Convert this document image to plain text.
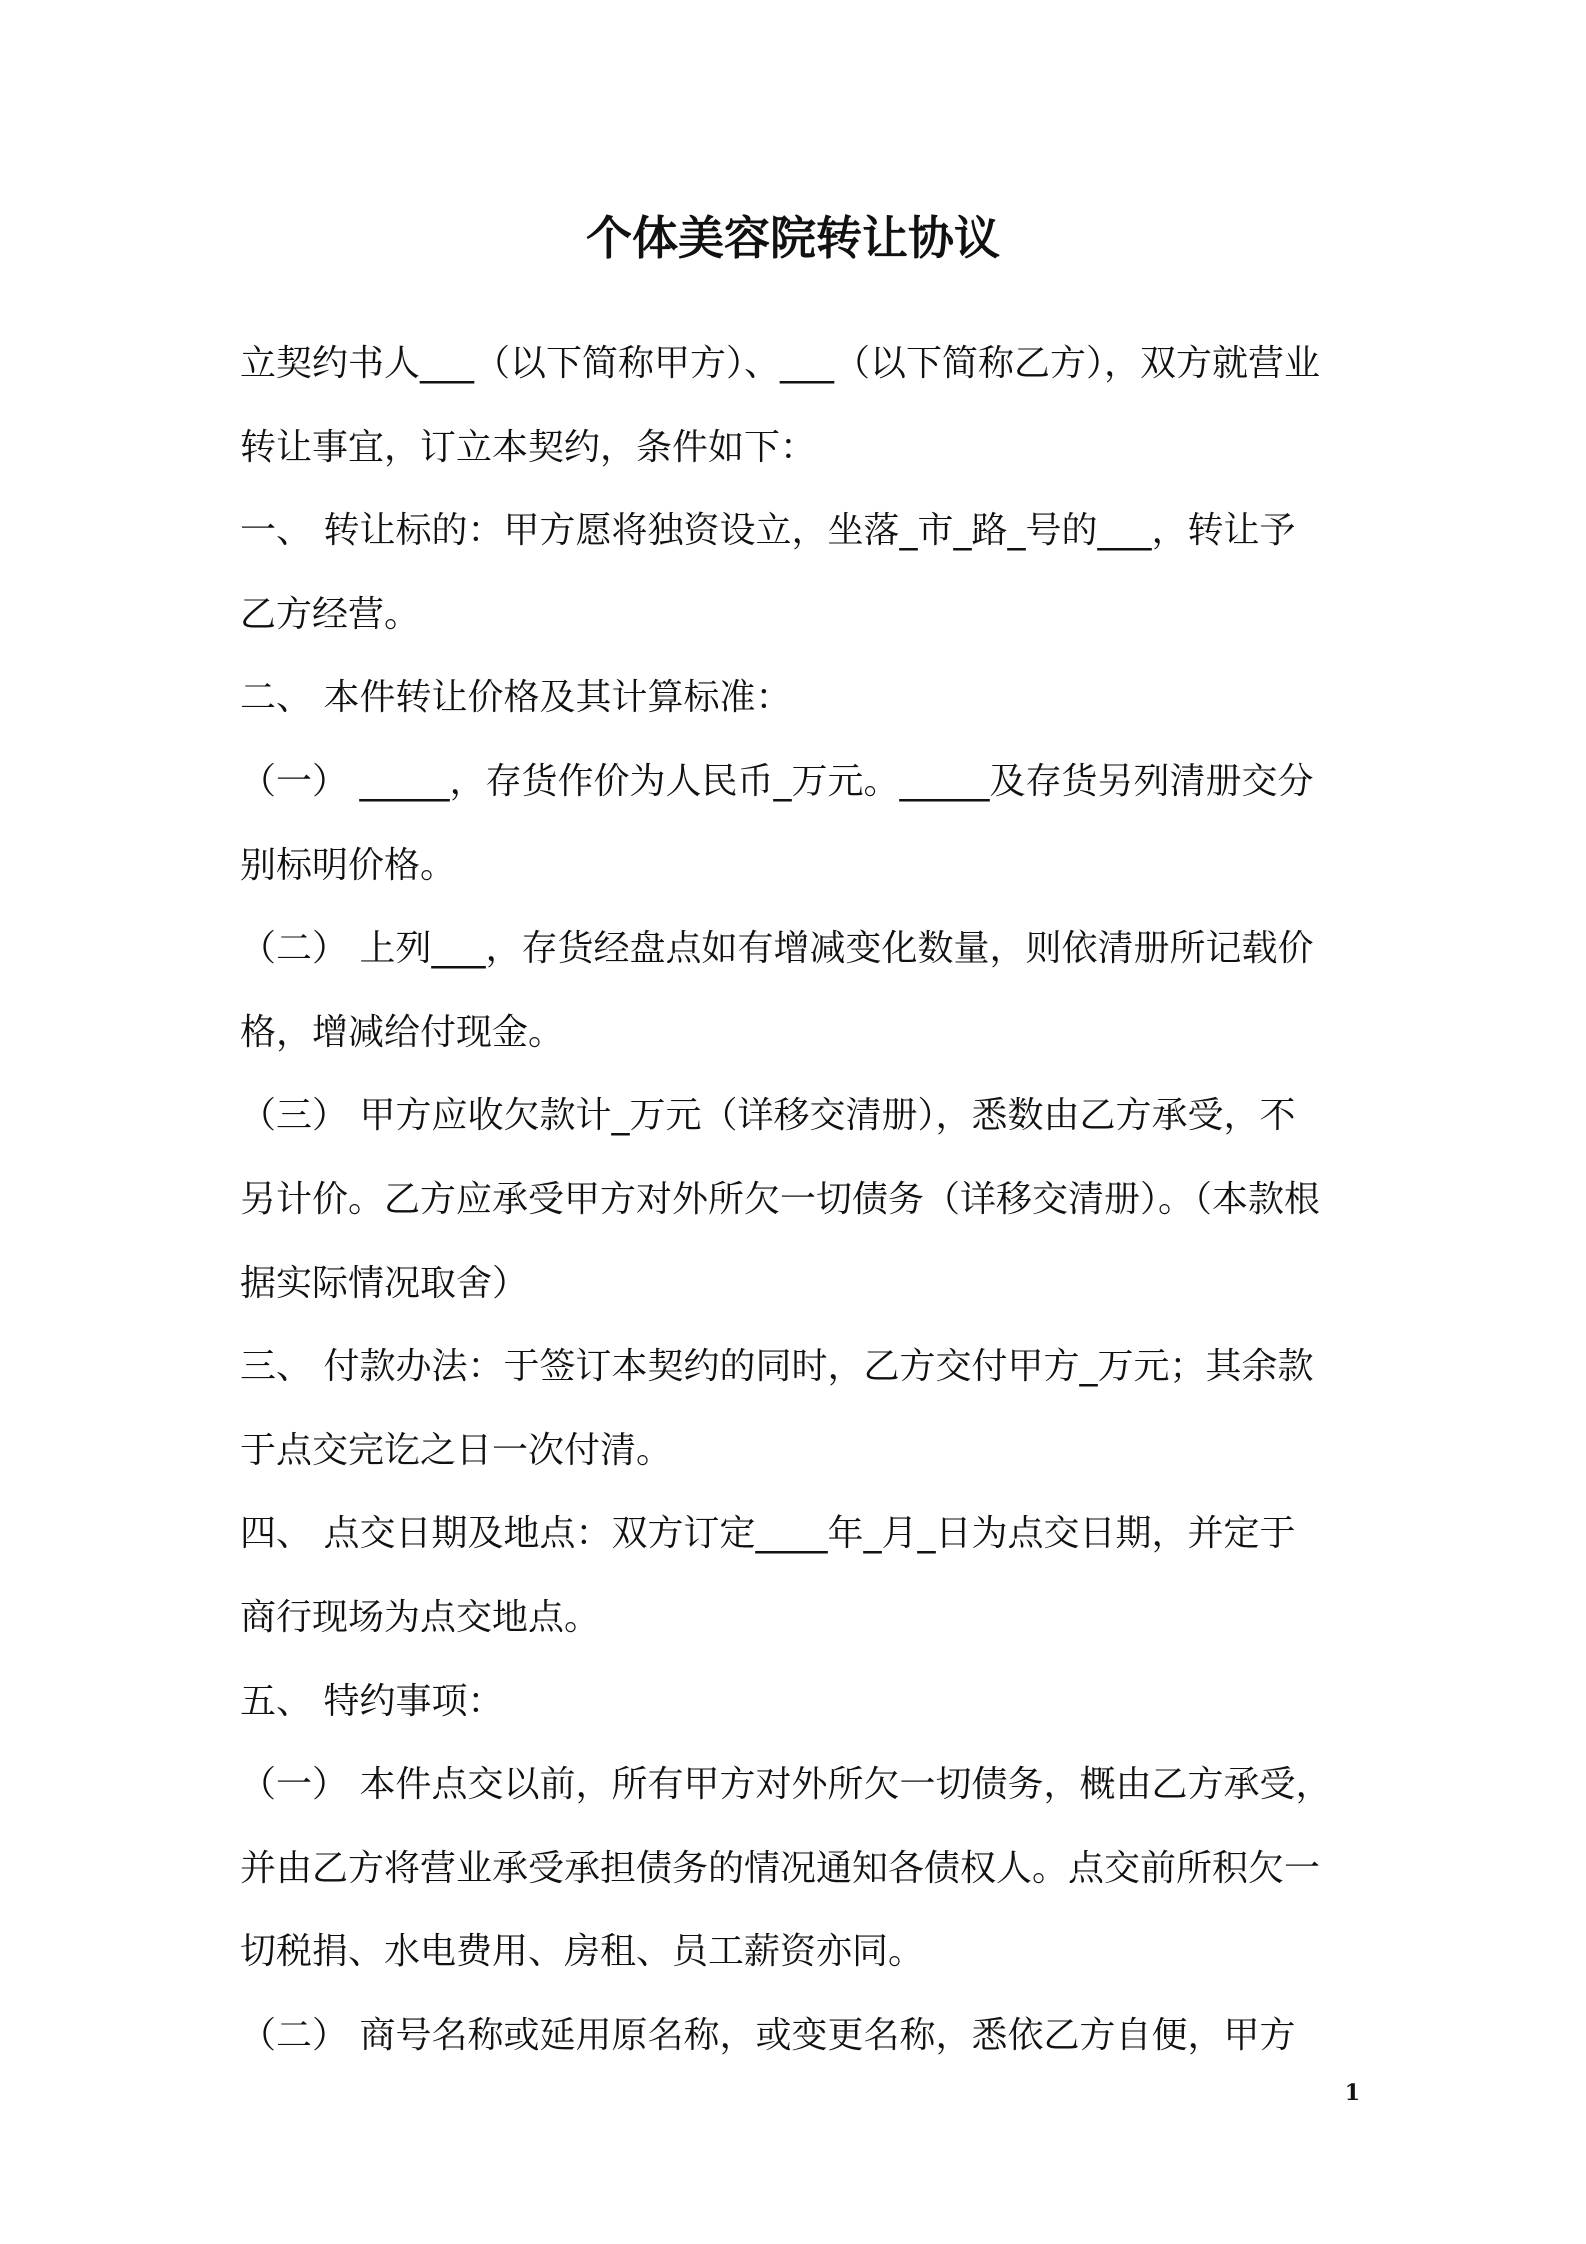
个体美容院转让协议
立契约书人___（以下简称甲方）、___（以下简称乙方），双方就营业
转让事宜，订立本契约，条件如下：
一、 转让标的：甲方愿将独资设立，坐落_市_路_号的___，转让予
乙方经营。
二、 本件转让价格及其计算标准：
（一） _____，存货作价为人民币_万元。_____及存货另列清册交分
别标明价格。
（二） 上列___，存货经盘点如有增减变化数量，则依清册所记载价
格，增减给付现金。
（三） 甲方应收欠款计_万元（详移交清册），悉数由乙方承受，不
另计价。乙方应承受甲方对外所欠一切债务（详移交清册）。（本款根
据实际情况取舍）
三、 付款办法：于签订本契约的同时，乙方交付甲方_万元；其余款
于点交完讫之日一次付清。
四、 点交日期及地点：双方订定____年_月_日为点交日期，并定于
商行现场为点交地点。
五、 特约事项：
（一） 本件点交以前，所有甲方对外所欠一切债务，概由乙方承受，
并由乙方将营业承受承担债务的情况通知各债权人。点交前所积欠一
切税捐、水电费用、房租、员工薪资亦同。
（二） 商号名称或延用原名称，或变更名称，悉依乙方自便，甲方
1
